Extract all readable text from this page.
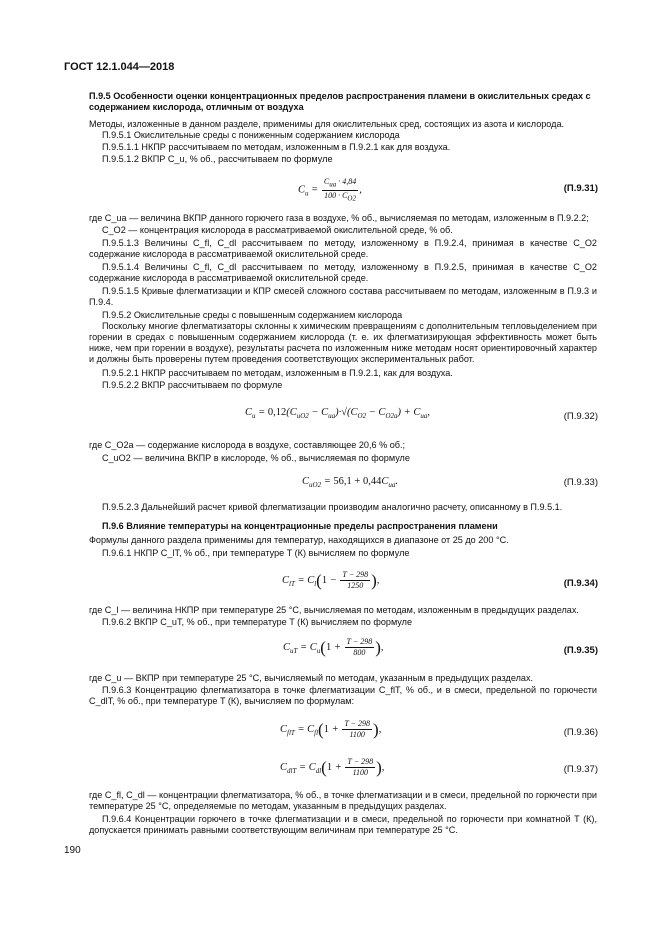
ГОСТ 12.1.044—2018
П.9.5 Особенности оценки концентрационных пределов распространения пламени в окислительных средах с содержанием кислорода, отличным от воздуха
Методы, изложенные в данном разделе, применимы для окислительных сред, состоящих из азота и кислорода.
П.9.5.1 Окислительные среды с пониженным содержанием кислорода
П.9.5.1.1 НКПР рассчитываем по методам, изложенным в П.9.2.1 как для воздуха.
П.9.5.1.2 ВКПР C_u, % об., рассчитываем по формуле
$C_u = \frac{C_{ua} \cdot 4,84}{100 \cdot C_{O2}}$ ,	(П.9.31)
где C_ua — величина ВКПР данного горючего газа в воздухе, % об., вычисляемая по методам, изложенным в П.9.2.2;
C_O2 — концентрация кислорода в рассматриваемой окислительной среде, % об.
П.9.5.1.3 Величины C_fl, C_dl рассчитываем по методу, изложенному в П.9.2.4, принимая в качестве C_O2 содержание кислорода в рассматриваемой окислительной среде.
П.9.5.1.4 Величины C_fl, C_dl рассчитываем по методу, изложенному в П.9.2.5, принимая в качестве C_O2 содержание кислорода в рассматриваемой окислительной среде.
П.9.5.1.5 Кривые флегматизации и КПР смесей сложного состава рассчитываем по методам, изложенным в П.9.3 и П.9.4.
П.9.5.2 Окислительные среды с повышенным содержанием кислорода
Поскольку многие флегматизаторы склонны к химическим превращениям с дополнительным тепловыделением при горении в средах с повышенным содержанием кислорода (т. е. их флегматизирующая эффективность может быть ниже, чем при горении в воздухе), результаты расчета по изложенным ниже методам носят ориентировочный характер и должны быть проверены путем проведения соответствующих экспериментальных работ.
П.9.5.2.1 НКПР рассчитываем по методам, изложенным в П.9.2.1, как для воздуха.
П.9.5.2.2 ВКПР рассчитываем по формуле
$C_u = 0,12(C_{uO2} - C_{ua})\cdot√(C_{O2} - C_{O2a}) + C_{ua}$,	(П.9.32)
где C_O2a — содержание кислорода в воздухе, составляющее 20,6 % об.;
C_uO2 — величина ВКПР в кислороде, % об., вычисляемая по формуле
$C_{uO2} = 56,1 + 0,44C_{ua}$.	(П.9.33)
П.9.5.2.3 Дальнейший расчет кривой флегматизации производим аналогично расчету, описанному в П.9.5.1.
П.9.6 Влияние температуры на концентрационные пределы распространения пламени
Формулы данного раздела применимы для температур, находящихся в диапазоне от 25 до 200 °С.
П.9.6.1 НКПР C_lT, % об., при температуре T (К) вычисляем по формуле
$C_{lT} = C_l(1 - \frac{T - 298}{1250}$ ),	(П.9.34)
где C_l — величина НКПР при температуре 25 °С, вычисляемая по методам, изложенным в предыдущих разделах.
П.9.6.2 ВКПР C_uT, % об., при температуре T (К) вычисляем по формуле
$C_{uT} = C_u(1 + \frac{T - 298}{800}$ ),	(П.9.35)
где C_u — ВКПР при температуре 25 °С, вычисляемый по методам, указанным в предыдущих разделах.
П.9.6.3 Концентрацию флегматизатора в точке флегматизации C_flT, % об., и в смеси, предельной по горючести C_dlT, % об., при температуре T (К), вычисляем по формулам:
$C_{flT} = C_{fl}(1 + \frac{T - 298}{1100}$ ),	(П.9.36)
$C_{dlT} = C_{dl}(1 + \frac{T - 298}{1100}$ ),	(П.9.37)
где C_fl, C_dl — концентрации флегматизатора, % об., в точке флегматизации и в смеси, предельной по горючести при температуре 25 °С, определяемые по методам, указанным в предыдущих разделах.
П.9.6.4 Концентрации горючего в точке флегматизации и в смеси, предельной по горючести при комнатной T (К), допускается принимать равными соответствующим величинам при температуре 25 °С.
190
